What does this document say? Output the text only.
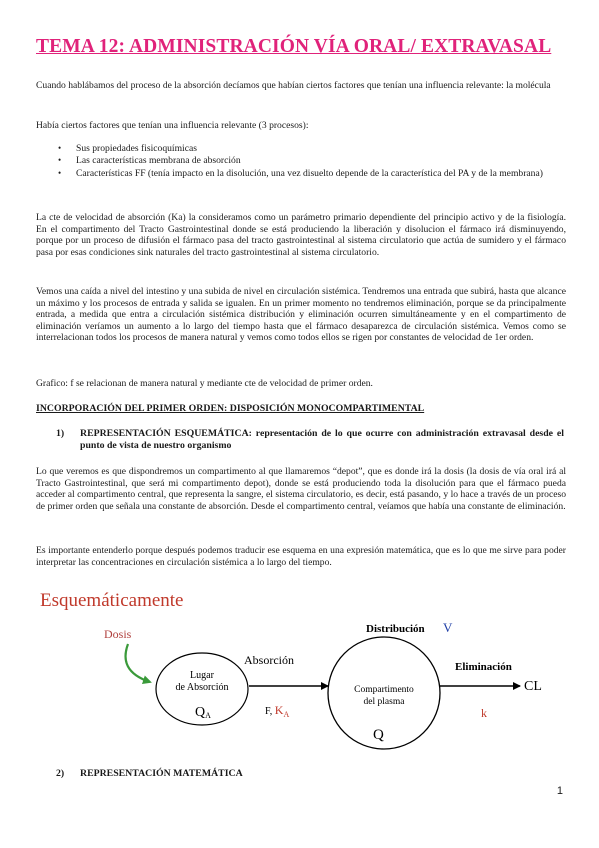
TEMA 12: ADMINISTRACIÓN VÍA ORAL/ EXTRAVASAL
Cuando hablábamos del proceso de la absorción decíamos que habían ciertos factores que tenían una influencia relevante: la molécula
Había ciertos factores que tenían una influencia relevante (3 procesos):
• Sus propiedades fisicoquímicas
• Las características membrana de absorción
• Características FF (tenía impacto en la disolución, una vez disuelto depende de la característica del PA y de la membrana)
La cte de velocidad de absorción (Ka) la consideramos como un parámetro primario dependiente del principio activo y de la fisiología. En el compartimento del Tracto Gastrointestinal donde se está produciendo la liberación y disolucion el fármaco irá disminuyendo, porque por un proceso de difusión el fármaco pasa del tracto gastrointestinal al sistema circulatorio que actúa de sumidero y el fármaco pasa por esas condiciones sink naturales del tracto gastrointestinal al sistema circulatorio.
Vemos una caída a nivel del intestino y una subida de nivel en circulación sistémica. Tendremos una entrada que subirá, hasta que alcance un máximo y los procesos de entrada y salida se igualen. En un primer momento no tendremos eliminación, porque se da principalmente entrada, a medida que entra a circulación sistémica distribución y eliminación ocurren simultáneamente y en el compartimento de eliminación veríamos un aumento a lo largo del tiempo hasta que el fármaco desaparezca de circulación sistémica. Vemos como se interrelacionan todos los procesos de manera natural y vemos como todos ellos se rigen por constantes de velocidad de 1er orden.
Grafico: f se relacionan de manera natural y mediante cte de velocidad de primer orden.
INCORPORACIÓN DEL PRIMER ORDEN: DISPOSICIÓN MONOCOMPARTIMENTAL
1)	REPRESENTACIÓN ESQUEMÁTICA: representación de lo que ocurre con administración extravasal desde el punto de vista de nuestro organismo
Lo que veremos es que dispondremos un compartimento al que llamaremos “depot”, que es donde irá la dosis (la dosis de vía oral irá al Tracto Gastrointestinal, que será mi compartimento depot), donde se está produciendo toda la disolución para que el fármaco pueda acceder al compartimento central, que representa la sangre, el sistema circulatorio, es decir, está pasando, y lo hace a través de un proceso de primer orden que señala una constante de absorción. Desde el compartimento central, veíamos que había una constante de eliminación.
Es importante entenderlo porque después podemos traducir ese esquema en una expresión matemática, que es lo que me sirve para poder interpretar las concentraciones en circulación sistémica a lo largo del tiempo.
Esquemáticamente
Dosis
Lugar
de Absorción
QA
Absorción
F, $K_A$
Distribución V
Compartimento
del plasma
Q
Eliminación
CL
k
2)	REPRESENTACIÓN MATEMÁTICA
1
